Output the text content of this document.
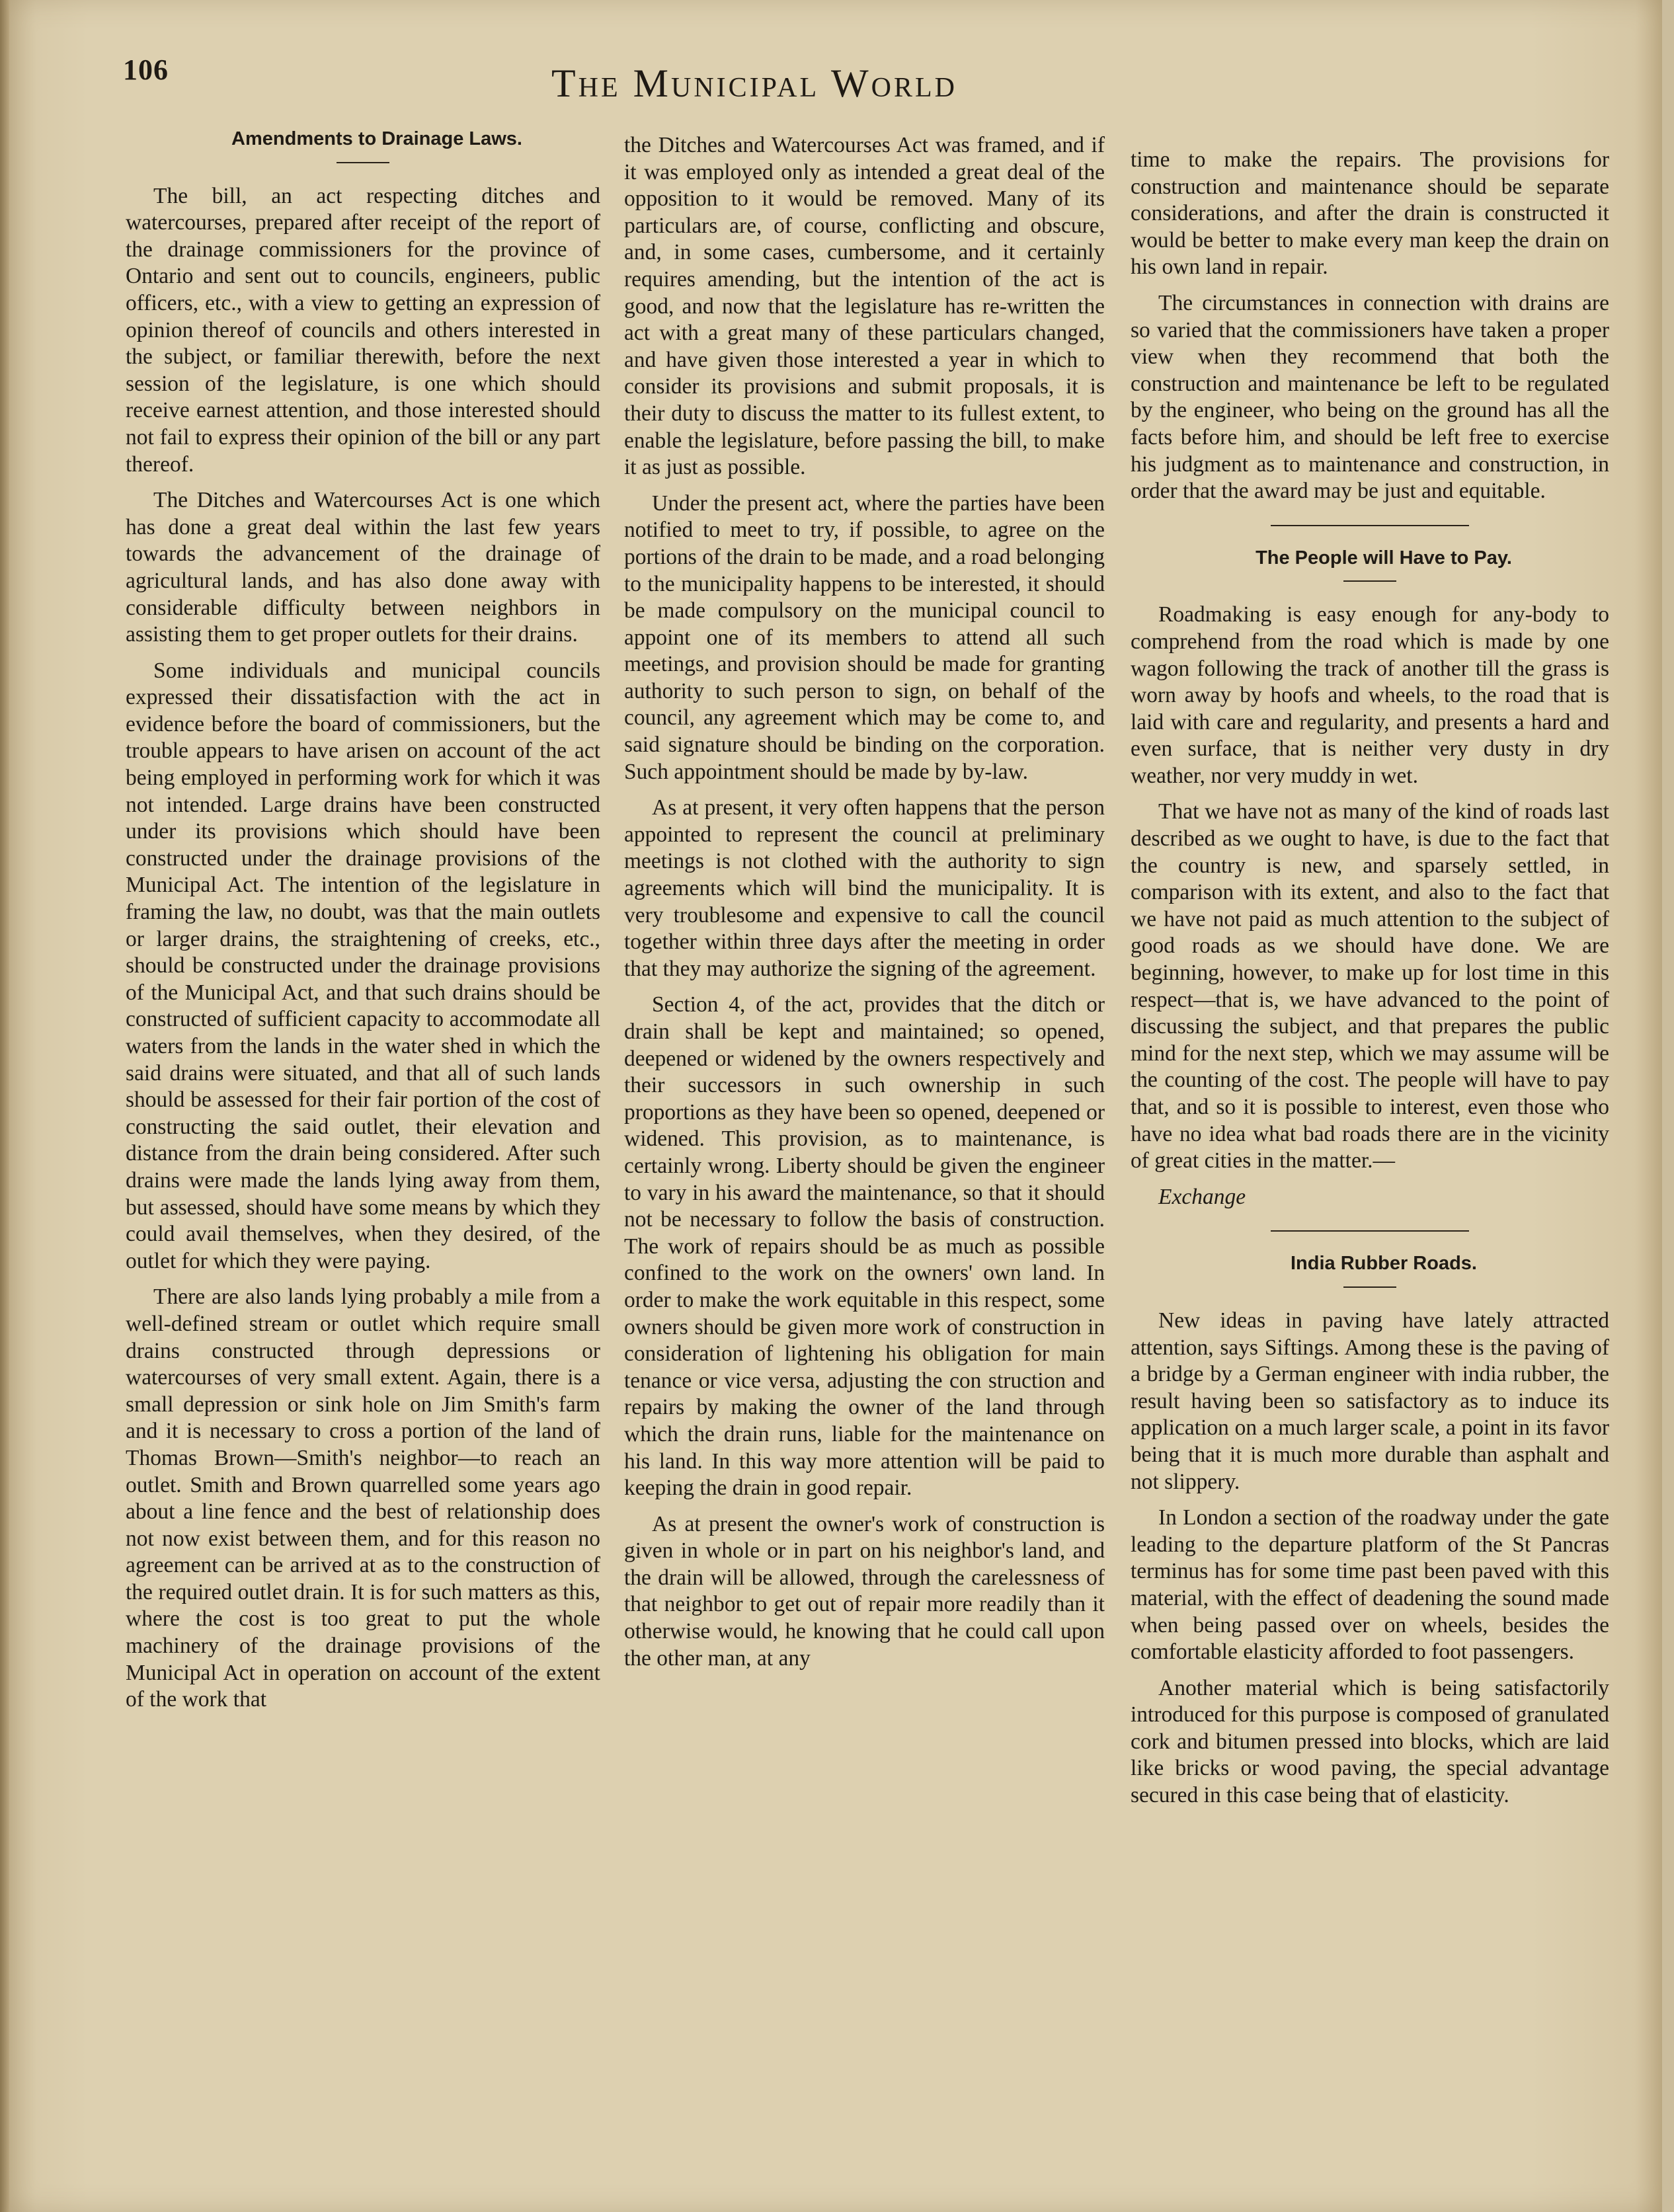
106	The Municipal World

Amendments to Drainage Laws.

The bill, an act respecting ditches and watercourses, prepared after receipt of the report of the drainage commissioners for the province of Ontario and sent out to councils, engineers, public officers, etc., with a view to getting an expression of opinion thereof of councils and others interested in the subject, or familiar therewith, before the next session of the legislature, is one which should receive earnest attention, and those interested should not fail to express their opinion of the bill or any part thereof.

The Ditches and Watercourses Act is one which has done a great deal within the last few years towards the advancement of the drainage of agricultural lands, and has also done away with considerable difficulty between neighbors in assisting them to get proper outlets for their drains.

Some individuals and municipal councils expressed their dissatisfaction with the act in evidence before the board of commissioners, but the trouble appears to have arisen on account of the act being employed in performing work for which it was not intended. Large drains have been constructed under its provisions which should have been constructed under the drainage provisions of the Municipal Act. The intention of the legislature in framing the law, no doubt, was that the main outlets or larger drains, the straightening of creeks, etc., should be constructed under the drainage provisions of the Municipal Act, and that such drains should be constructed of sufficient capacity to accommodate all waters from the lands in the water shed in which the said drains were situated, and that all of such lands should be assessed for their fair portion of the cost of constructing the said outlet, their elevation and distance from the drain being considered. After such drains were made the lands lying away from them, but assessed, should have some means by which they could avail themselves, when they desired, of the outlet for which they were paying.

There are also lands lying probably a mile from a well-defined stream or outlet which require small drains constructed through depressions or watercourses of very small extent. Again, there is a small depression or sink hole on Jim Smith's farm and it is necessary to cross a portion of the land of Thomas Brown—Smith's neighbor—to reach an outlet. Smith and Brown quarrelled some years ago about a line fence and the best of relationship does not now exist between them, and for this reason no agreement can be arrived at as to the construction of the required outlet drain. It is for such matters as this, where the cost is too great to put the whole machinery of the drainage provisions of the Municipal Act in operation on account of the extent of the work that

the Ditches and Watercourses Act was framed, and if it was employed only as intended a great deal of the opposition to it would be removed. Many of its particulars are, of course, conflicting and obscure, and, in some cases, cumbersome, and it certainly requires amending, but the intention of the act is good, and now that the legislature has re-written the act with a great many of these particulars changed, and have given those interested a year in which to consider its provisions and submit proposals, it is their duty to discuss the matter to its fullest extent, to enable the legislature, before passing the bill, to make it as just as possible.

Under the present act, where the parties have been notified to meet to try, if possible, to agree on the portions of the drain to be made, and a road belonging to the municipality happens to be interested, it should be made compulsory on the municipal council to appoint one of its members to attend all such meetings, and provision should be made for granting authority to such person to sign, on behalf of the council, any agreement which may be come to, and said signature should be binding on the corporation. Such appointment should be made by by-law.

As at present, it very often happens that the person appointed to represent the council at preliminary meetings is not clothed with the authority to sign agreements which will bind the municipality. It is very troublesome and expensive to call the council together within three days after the meeting in order that they may authorize the signing of the agreement.

Section 4, of the act, provides that the ditch or drain shall be kept and maintained; so opened, deepened or widened by the owners respectively and their successors in such ownership in such proportions as they have been so opened, deepened or widened. This provision, as to maintenance, is certainly wrong. Liberty should be given the engineer to vary in his award the maintenance, so that it should not be necessary to follow the basis of construction. The work of repairs should be as much as possible confined to the work on the owners' own land. In order to make the work equitable in this respect, some owners should be given more work of construction in consideration of lightening his obligation for main tenance or vice versa, adjusting the con struction and repairs by making the owner of the land through which the drain runs, liable for the maintenance on his land. In this way more attention will be paid to keeping the drain in good repair.

As at present the owner's work of construction is given in whole or in part on his neighbor's land, and the drain will be allowed, through the carelessness of that neighbor to get out of repair more readily than it otherwise would, he knowing that he could call upon the other man, at any

time to make the repairs. The provisions for construction and maintenance should be separate considerations, and after the drain is constructed it would be better to make every man keep the drain on his own land in repair.

The circumstances in connection with drains are so varied that the commissioners have taken a proper view when they recommend that both the construction and maintenance be left to be regulated by the engineer, who being on the ground has all the facts before him, and should be left free to exercise his judgment as to maintenance and construction, in order that the award may be just and equitable.

The People will Have to Pay.

Roadmaking is easy enough for any-body to comprehend from the road which is made by one wagon following the track of another till the grass is worn away by hoofs and wheels, to the road that is laid with care and regularity, and presents a hard and even surface, that is neither very dusty in dry weather, nor very muddy in wet.

That we have not as many of the kind of roads last described as we ought to have, is due to the fact that the country is new, and sparsely settled, in comparison with its extent, and also to the fact that we have not paid as much attention to the subject of good roads as we should have done. We are beginning, however, to make up for lost time in this respect—that is, we have advanced to the point of discussing the subject, and that prepares the public mind for the next step, which we may assume will be the counting of the cost. The people will have to pay that, and so it is possible to interest, even those who have no idea what bad roads there are in the vicinity of great cities in the matter.—

Exchange

India Rubber Roads.

New ideas in paving have lately attracted attention, says Siftings. Among these is the paving of a bridge by a German engineer with india rubber, the result having been so satisfactory as to induce its application on a much larger scale, a point in its favor being that it is much more durable than asphalt and not slippery.

In London a section of the roadway under the gate leading to the departure platform of the St Pancras terminus has for some time past been paved with this material, with the effect of deadening the sound made when being passed over on wheels, besides the comfortable elasticity afforded to foot passengers.

Another material which is being satisfactorily introduced for this purpose is composed of granulated cork and bitumen pressed into blocks, which are laid like bricks or wood paving, the special advantage secured in this case being that of elasticity.
